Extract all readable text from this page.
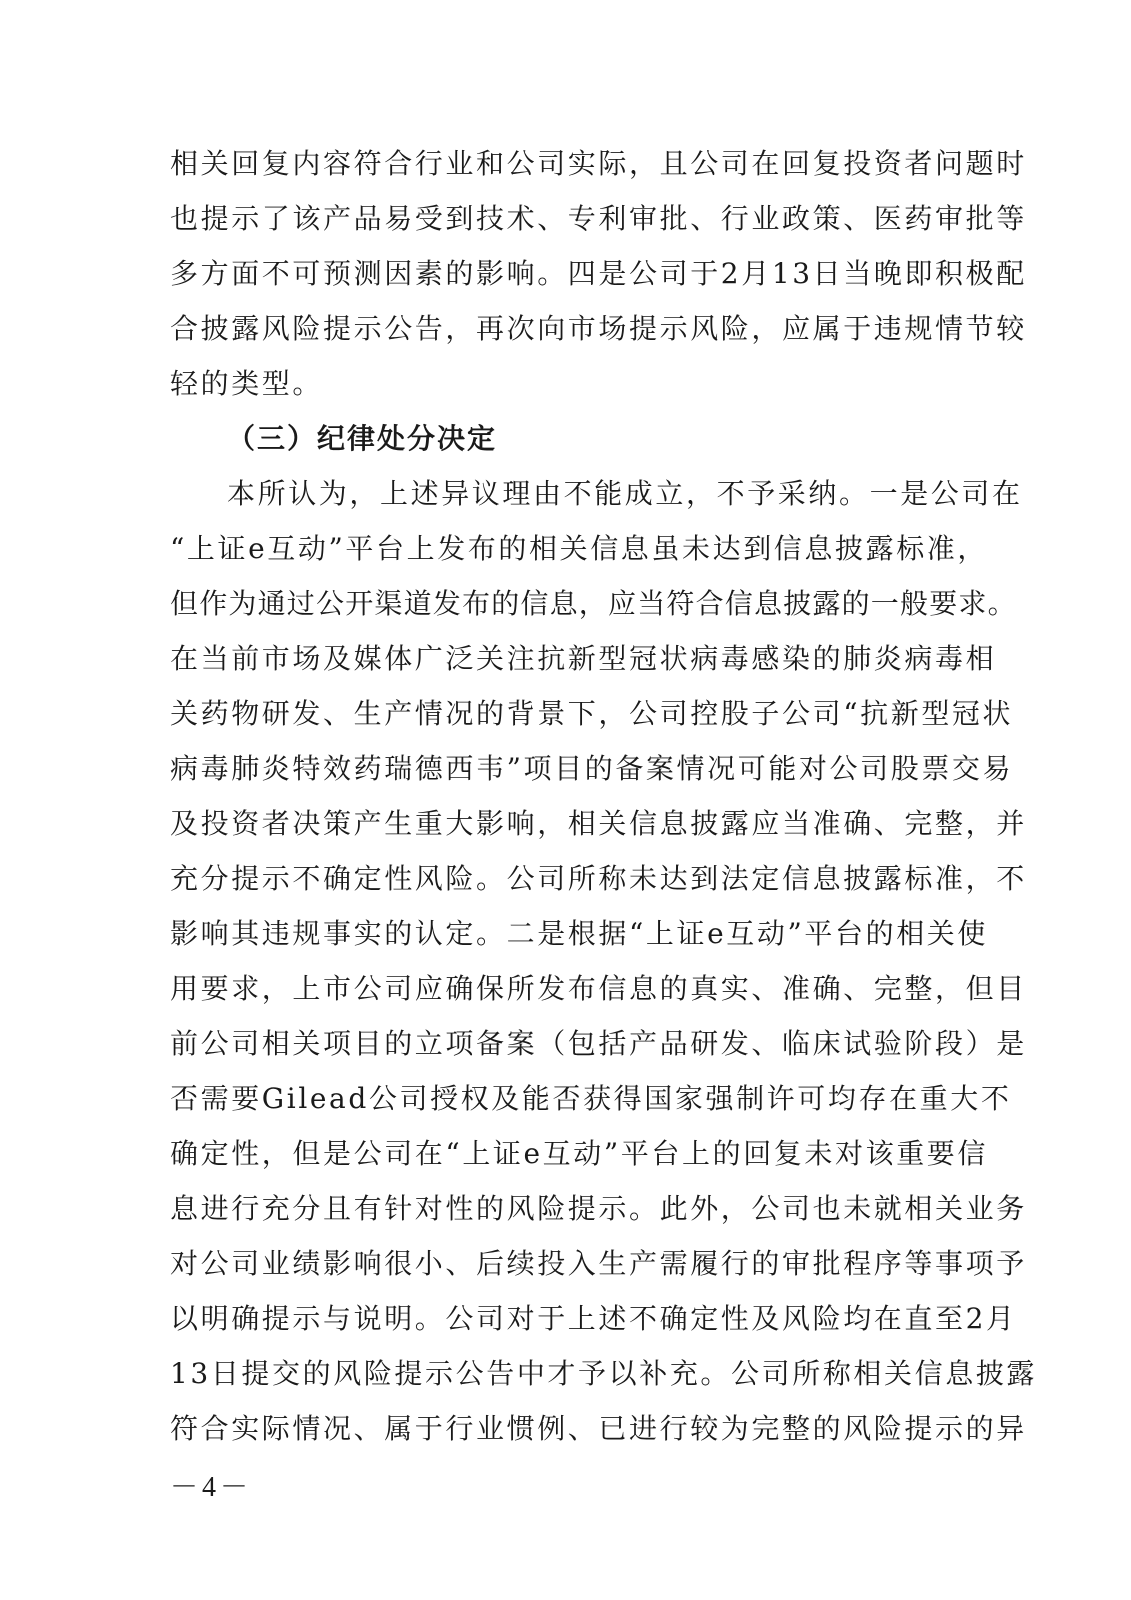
相关回复内容符合行业和公司实际，且公司在回复投资者问题时
也提示了该产品易受到技术、专利审批、行业政策、医药审批等
多方面不可预测因素的影响。四是公司于2月13日当晚即积极配
合披露风险提示公告，再次向市场提示风险，应属于违规情节较
轻的类型。
（三）纪律处分决定
本所认为，上述异议理由不能成立，不予采纳。一是公司在
“上证e互动”平台上发布的相关信息虽未达到信息披露标准，
但作为通过公开渠道发布的信息，应当符合信息披露的一般要求。
在当前市场及媒体广泛关注抗新型冠状病毒感染的肺炎病毒相
关药物研发、生产情况的背景下，公司控股子公司“抗新型冠状
病毒肺炎特效药瑞德西韦”项目的备案情况可能对公司股票交易
及投资者决策产生重大影响，相关信息披露应当准确、完整，并
充分提示不确定性风险。公司所称未达到法定信息披露标准，不
影响其违规事实的认定。二是根据“上证e互动”平台的相关使
用要求，上市公司应确保所发布信息的真实、准确、完整，但目
前公司相关项目的立项备案（包括产品研发、临床试验阶段）是
否需要Gilead公司授权及能否获得国家强制许可均存在重大不
确定性，但是公司在“上证e互动”平台上的回复未对该重要信
息进行充分且有针对性的风险提示。此外，公司也未就相关业务
对公司业绩影响很小、后续投入生产需履行的审批程序等事项予
以明确提示与说明。公司对于上述不确定性及风险均在直至2月
13日提交的风险提示公告中才予以补充。公司所称相关信息披露
符合实际情况、属于行业惯例、已进行较为完整的风险提示的异
－4－
